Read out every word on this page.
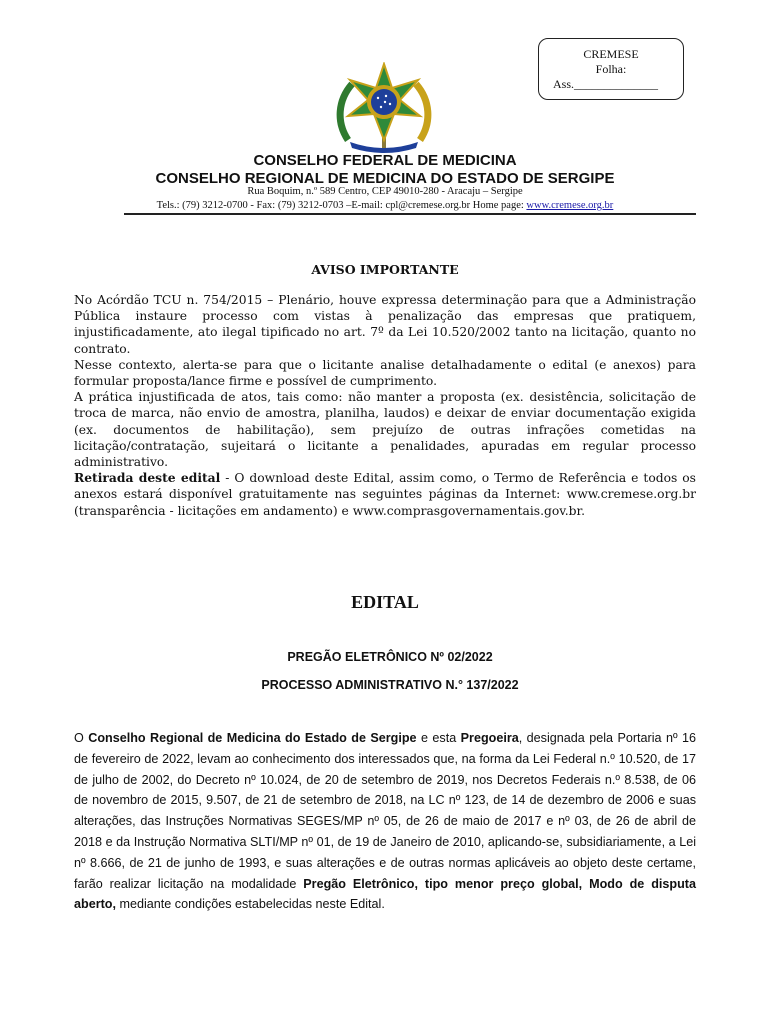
CREMESE
Folha:
Ass.______________
CONSELHO FEDERAL DE MEDICINA
CONSELHO REGIONAL DE MEDICINA DO ESTADO DE SERGIPE
Rua Boquim, n.º 589 Centro, CEP 49010-280 - Aracaju – Sergipe
Tels.: (79) 3212-0700 - Fax: (79) 3212-0703 –E-mail: cpl@cremese.org.br Home page: www.cremese.org.br
AVISO IMPORTANTE

No Acórdão TCU n. 754/2015 – Plenário, houve expressa determinação para que a Administração Pública instaure processo com vistas à penalização das empresas que pratiquem, injustificadamente, ato ilegal tipificado no art. 7º da Lei 10.520/2002 tanto na licitação, quanto no contrato.

Nesse contexto, alerta-se para que o licitante analise detalhadamente o edital (e anexos) para formular proposta/lance firme e possível de cumprimento.

A prática injustificada de atos, tais como: não manter a proposta (ex. desistência, solicitação de troca de marca, não envio de amostra, planilha, laudos) e deixar de enviar documentação exigida (ex. documentos de habilitação), sem prejuízo de outras infrações cometidas na licitação/contratação, sujeitará o licitante a penalidades, apuradas em regular processo administrativo.

Retirada deste edital - O download deste Edital, assim como, o Termo de Referência e todos os anexos estará disponível gratuitamente nas seguintes páginas da Internet: www.cremese.org.br (transparência - licitações em andamento) e www.comprasgovernamentais.gov.br.

EDITAL
PREGÃO ELETRÔNICO Nº 02/2022
PROCESSO ADMINISTRATIVO N.° 137/2022
O Conselho Regional de Medicina do Estado de Sergipe e esta Pregoeira, designada pela Portaria nº 16 de fevereiro de 2022, levam ao conhecimento dos interessados que, na forma da Lei Federal n.º 10.520, de 17 de julho de 2002, do Decreto nº 10.024, de 20 de setembro de 2019, nos Decretos Federais n.º 8.538, de 06 de novembro de 2015, 9.507, de 21 de setembro de 2018, na LC nº 123, de 14 de dezembro de 2006 e suas alterações, das Instruções Normativas SEGES/MP nº 05, de 26 de maio de 2017 e nº 03, de 26 de abril de 2018 e da Instrução Normativa SLTI/MP nº 01, de 19 de Janeiro de 2010, aplicando-se, subsidiariamente, a Lei nº 8.666, de 21 de junho de 1993, e suas alterações e de outras normas aplicáveis ao objeto deste certame, farão realizar licitação na modalidade Pregão Eletrônico, tipo menor preço global, Modo de disputa aberto, mediante condições estabelecidas neste Edital.
